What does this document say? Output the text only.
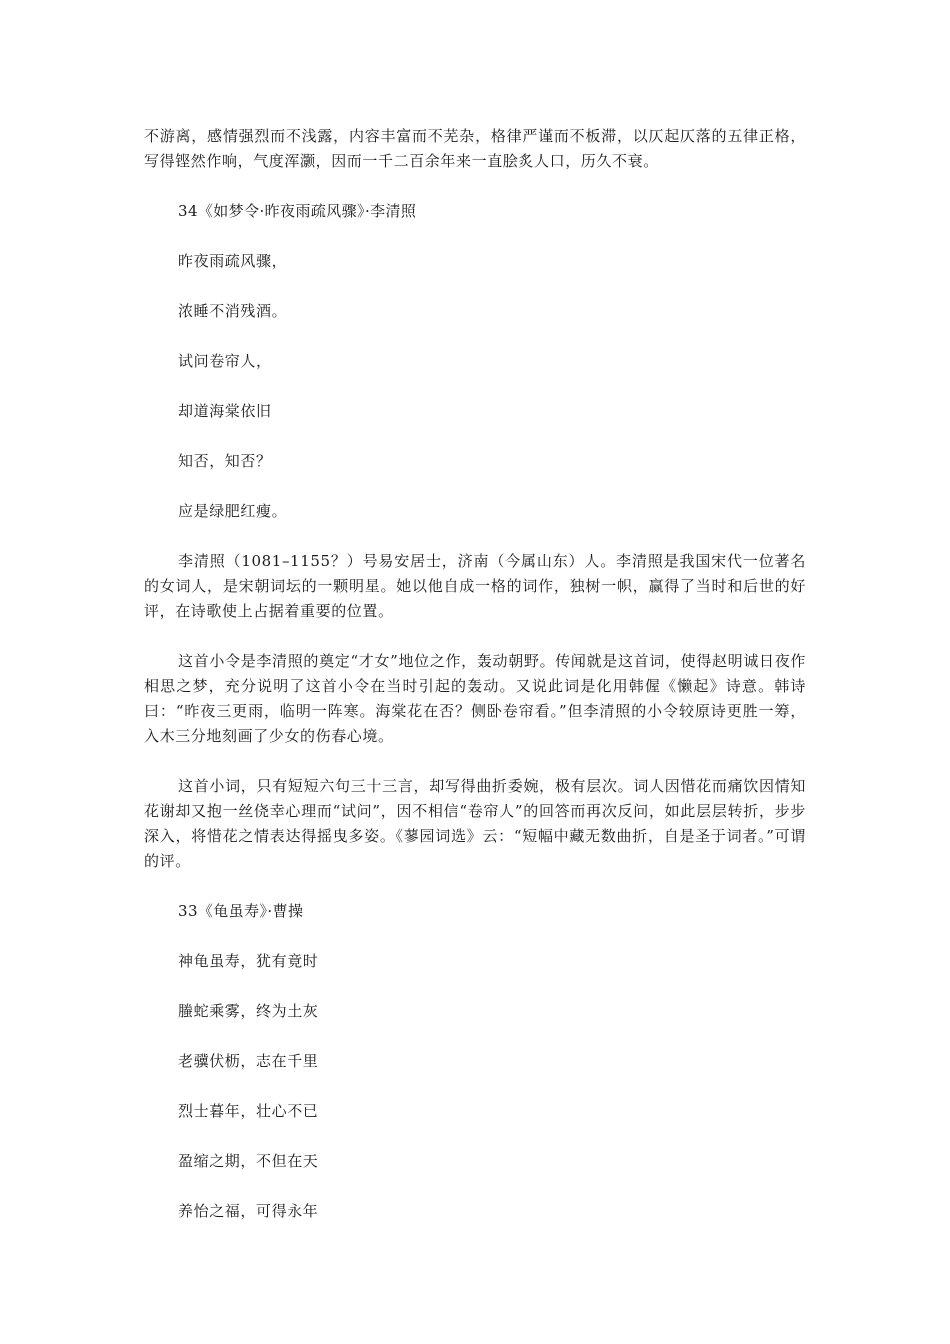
不游离，感情强烈而不浅露，内容丰富而不芜杂，格律严谨而不板滞，以仄起仄落的五律正格，写得铿然作响，气度浑灏，因而一千二百余年来一直脍炙人口，历久不衰。

34《如梦令·昨夜雨疏风骤》·李清照

昨夜雨疏风骤，

浓睡不消残酒。

试问卷帘人，

却道海棠依旧

知否，知否？

应是绿肥红瘦。

李清照（1081–1155？）号易安居士，济南（今属山东）人。李清照是我国宋代一位著名的女词人，是宋朝词坛的一颗明星。她以他自成一格的词作，独树一帜，赢得了当时和后世的好评，在诗歌使上占据着重要的位置。

这首小令是李清照的奠定“才女”地位之作，轰动朝野。传闻就是这首词，使得赵明诚日夜作相思之梦，充分说明了这首小令在当时引起的轰动。又说此词是化用韩偓《懒起》诗意。韩诗曰：“昨夜三更雨，临明一阵寒。海棠花在否？侧卧卷帘看。”但李清照的小令较原诗更胜一筹，入木三分地刻画了少女的伤春心境。

这首小词，只有短短六句三十三言，却写得曲折委婉，极有层次。词人因惜花而痛饮因情知花谢却又抱一丝侥幸心理而“试问”，因不相信“卷帘人”的回答而再次反问，如此层层转折，步步深入，将惜花之情表达得摇曳多姿。《蓼园词选》云：“短幅中藏无数曲折，自是圣于词者。”可谓的评。

33《龟虽寿》·曹操

神龟虽寿，犹有竟时

螣蛇乘雾，终为土灰

老骥伏枥，志在千里

烈士暮年，壮心不已

盈缩之期，不但在天

养怡之福，可得永年
